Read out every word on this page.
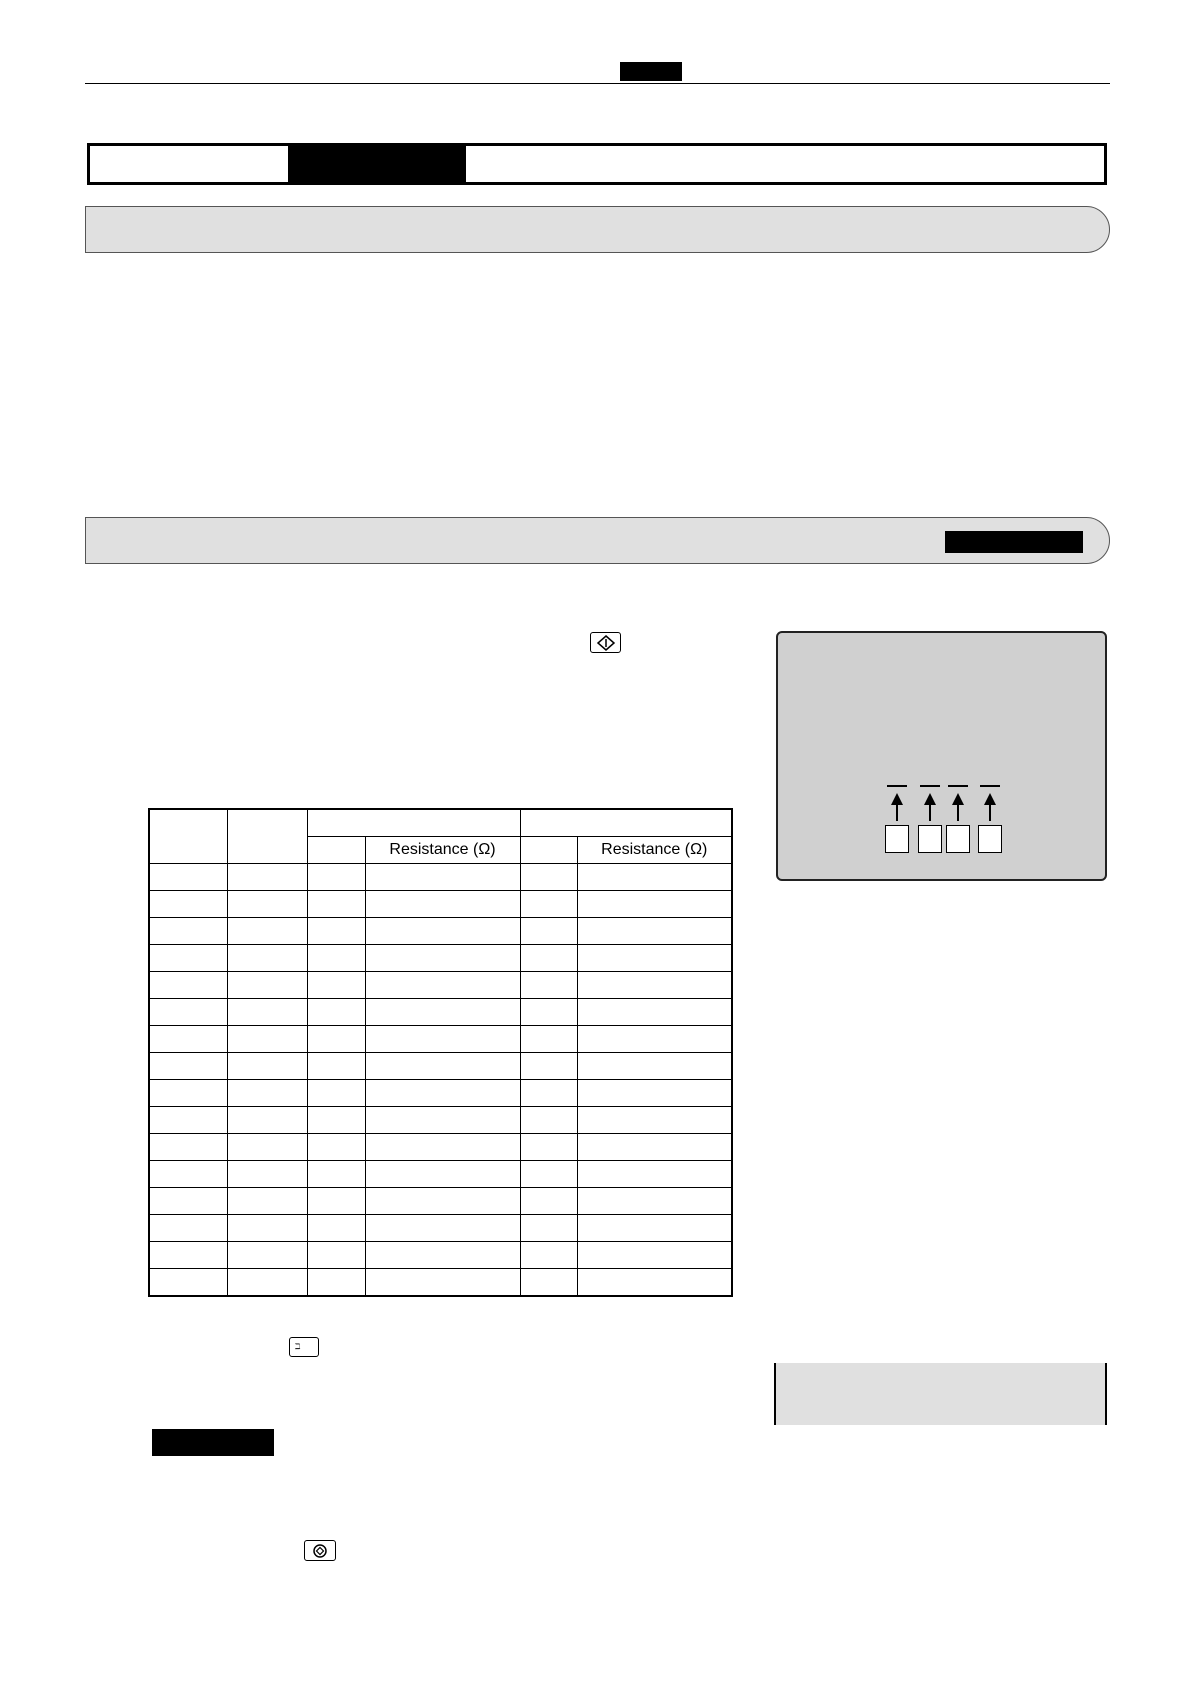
			Resistance (Ω)		Resistance (Ω)

ℶ
